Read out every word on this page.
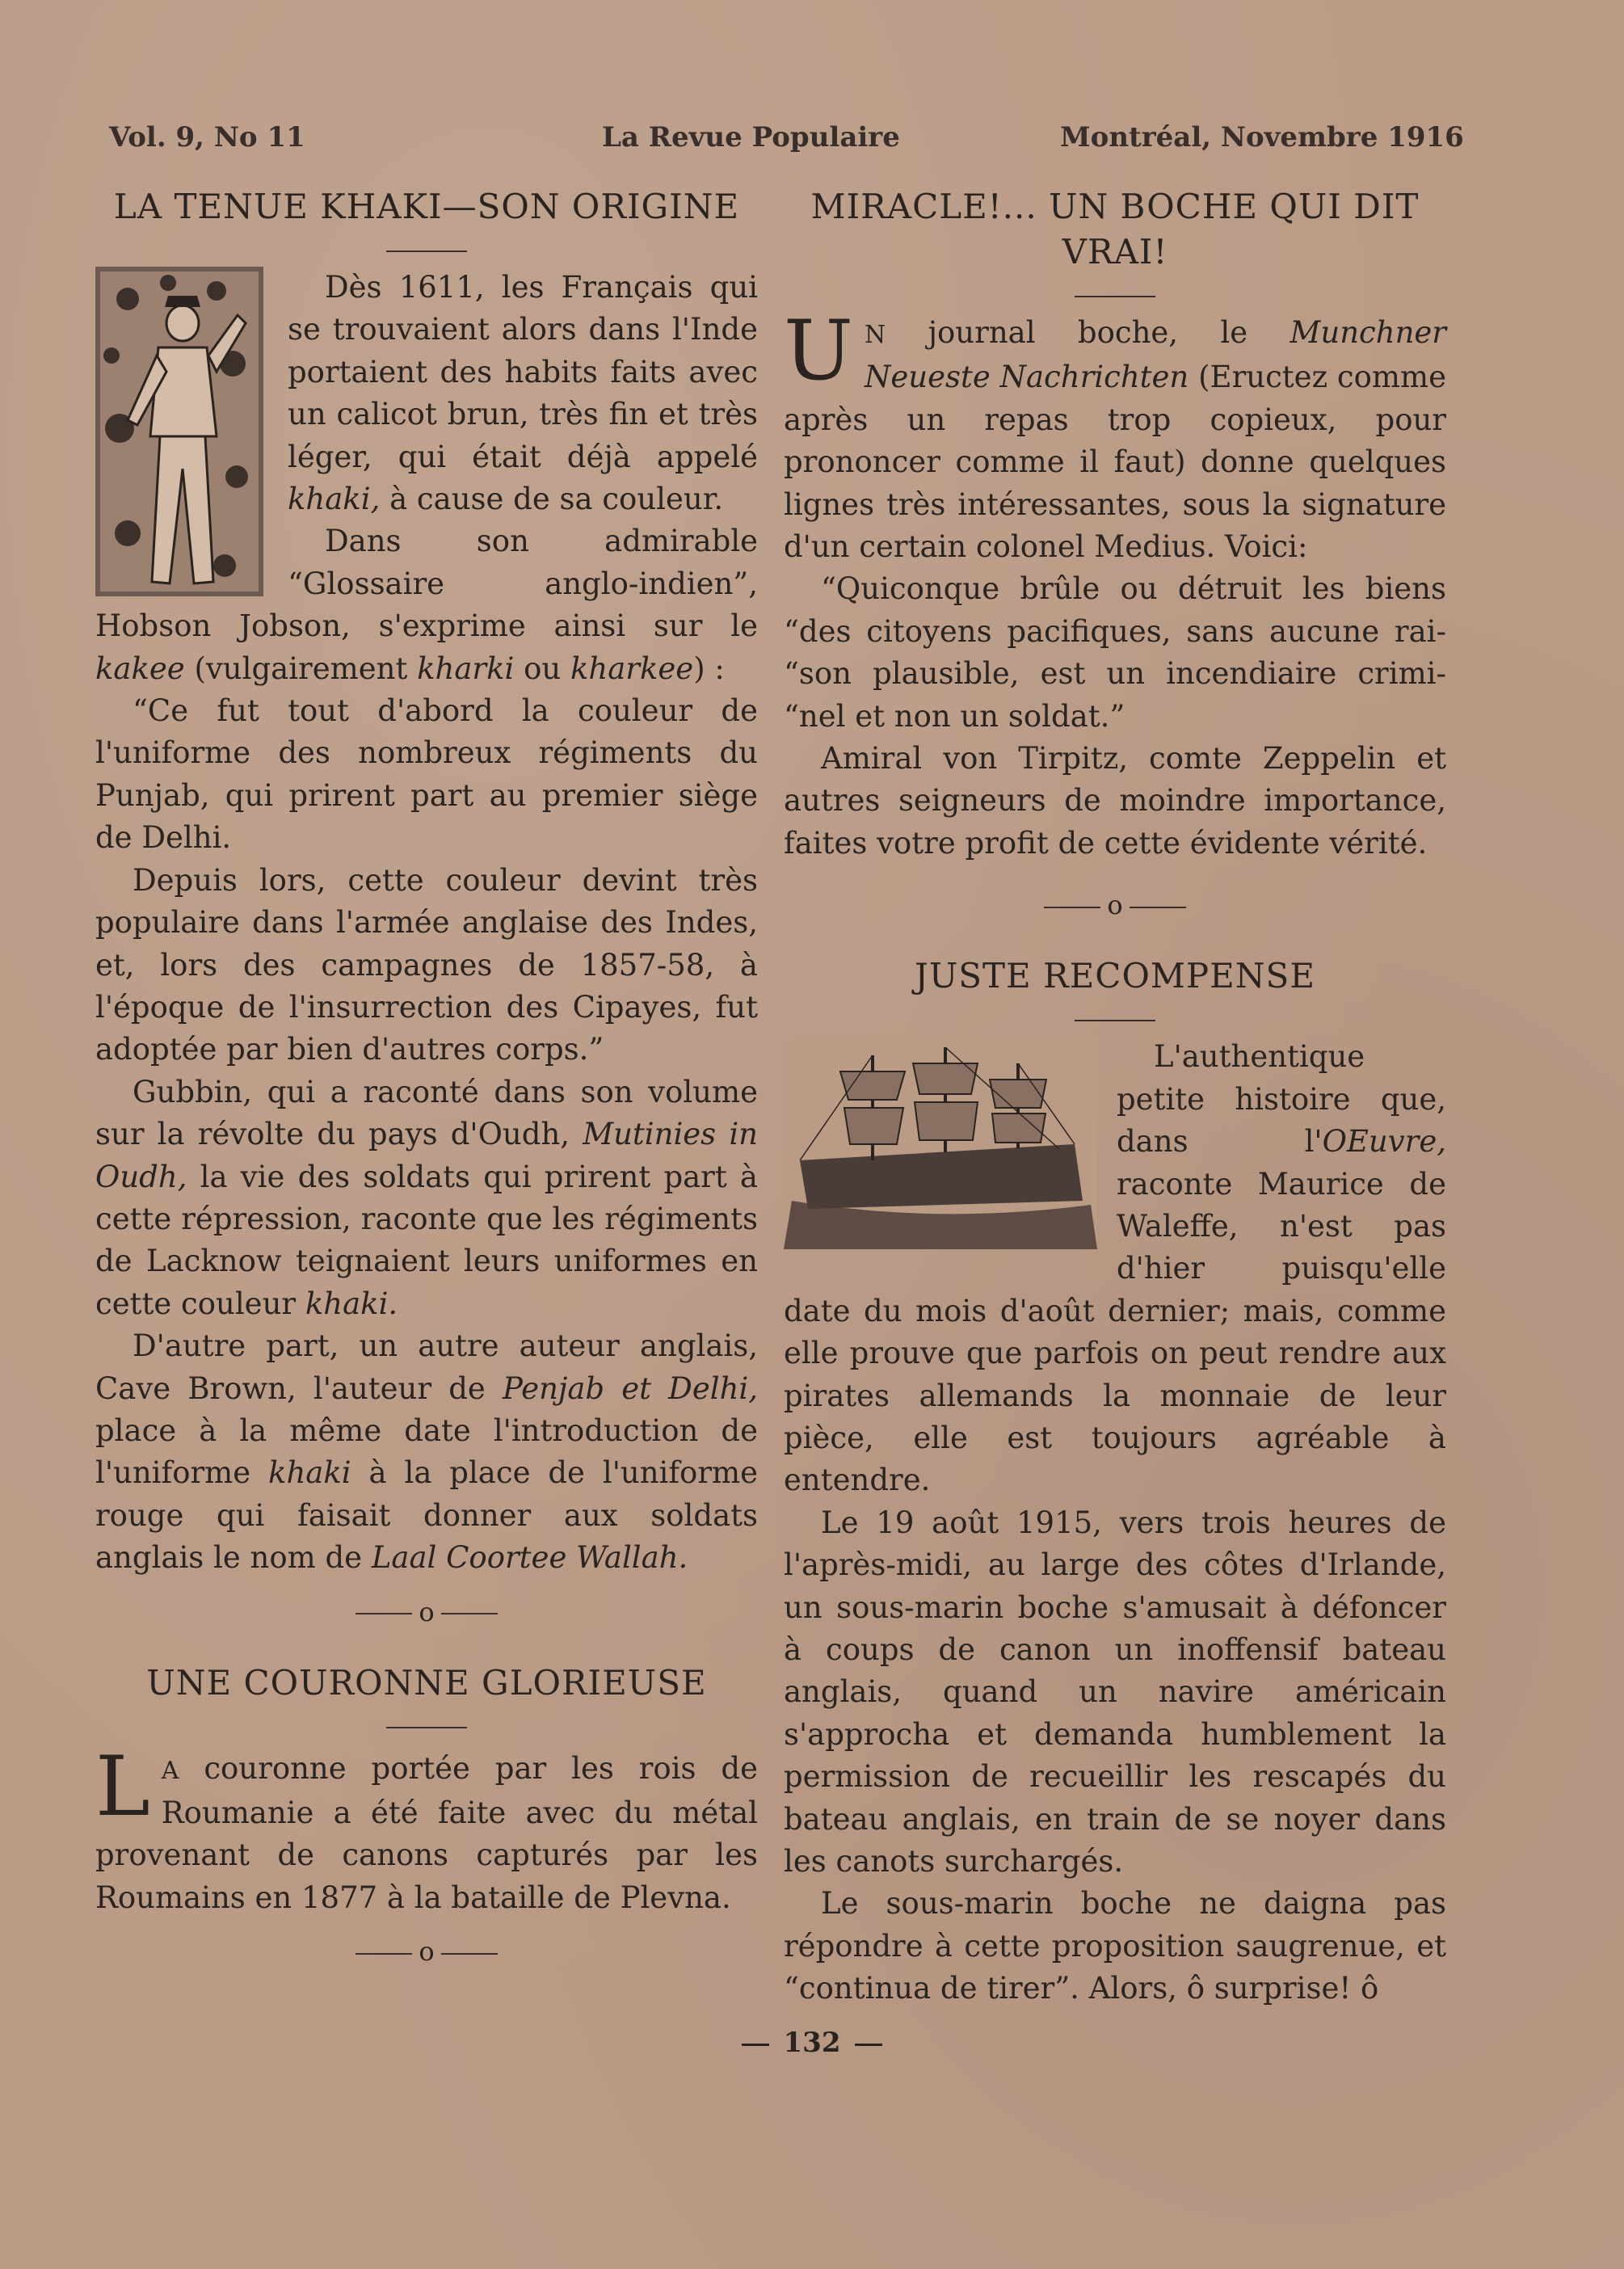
Vol. 9, No 11	La Revue Populaire	Montréal, Novembre 1916
LA TENUE KHAKI—SON ORIGINE

Dès 1611, les Français qui se trouvaient alors dans l'Inde portaient des habits faits avec un calicot brun, très fin et très léger, qui était déjà appelé khaki, à cause de sa couleur.

Dans son admirable “Glossaire anglo-indien”, Hobson Jobson, s'exprime ainsi sur le kakee (vulgairement kharki ou kharkee) :

“Ce fut tout d'abord la couleur de l'uniforme des nombreux régiments du Punjab, qui prirent part au premier siège de Delhi.

Depuis lors, cette couleur devint très populaire dans l'armée anglaise des Indes, et, lors des campagnes de 1857-58, à l'époque de l'insurrection des Cipayes, fut adoptée par bien d'autres corps.”

Gubbin, qui a raconté dans son volume sur la révolte du pays d'Oudh, Mutinies in Oudh, la vie des soldats qui prirent part à cette répression, raconte que les régiments de Lacknow teignaient leurs uniformes en cette couleur khaki.

D'autre part, un autre auteur anglais, Cave Brown, l'auteur de Penjab et Delhi, place à la même date l'introduction de l'uniforme khaki à la place de l'uniforme rouge qui faisait donner aux soldats anglais le nom de Laal Coortee Wallah.

o
UNE COURONNE GLORIEUSE

LA couronne portée par les rois de Roumanie a été faite avec du métal provenant de canons capturés par les Roumains en 1877 à la bataille de Plevna.

o
MIRACLE!... UN BOCHE QUI DIT VRAI!

UN journal boche, le Munchner Neueste Nachrichten (Eructez comme après un repas trop copieux, pour prononcer comme il faut) donne quelques lignes très intéressantes, sous la signature d'un certain colonel Medius. Voici:

“Quiconque brûle ou détruit les biens “des citoyens pacifiques, sans aucune rai- “son plausible, est un incendiaire crimi- “nel et non un soldat.”

Amiral von Tirpitz, comte Zeppelin et autres seigneurs de moindre importance, faites votre profit de cette évidente vérité.

o
JUSTE RECOMPENSE

L'authentique petite histoire que, dans l'OEuvre, raconte Maurice de Waleffe, n'est pas d'hier puisqu'elle date du mois d'août dernier; mais, comme elle prouve que parfois on peut rendre aux pirates allemands la monnaie de leur pièce, elle est toujours agréable à entendre.

Le 19 août 1915, vers trois heures de l'après-midi, au large des côtes d'Irlande, un sous-marin boche s'amusait à défoncer à coups de canon un inoffensif bateau anglais, quand un navire américain s'approcha et demanda humblement la permission de recueillir les rescapés du bateau anglais, en train de se noyer dans les canots surchargés.

Le sous-marin boche ne daigna pas répondre à cette proposition saugrenue, et “continua de tirer”. Alors, ô surprise! ô

132
